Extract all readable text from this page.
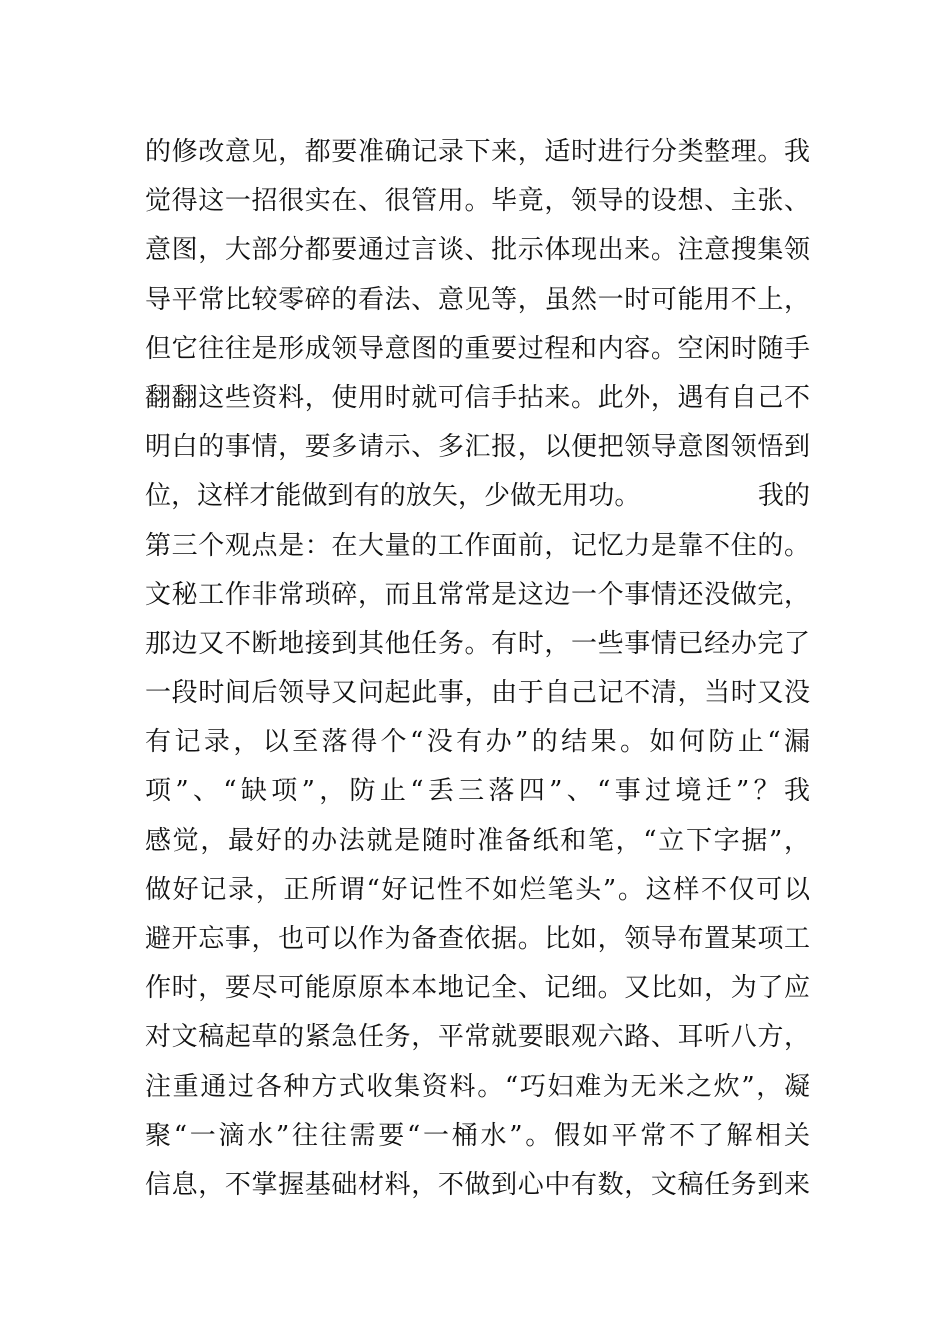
的修改意见，都要准确记录下来，适时进行分类整理。我
觉得这一招很实在、很管用。毕竟，领导的设想、主张、
意图，大部分都要通过言谈、批示体现出来。注意搜集领
导平常比较零碎的看法、意见等，虽然一时可能用不上，
但它往往是形成领导意图的重要过程和内容。空闲时随手
翻翻这些资料，使用时就可信手拈来。此外，遇有自己不
明白的事情，要多请示、多汇报，以便把领导意图领悟到
位，这样才能做到有的放矢，少做无用功。　　　　　我的
第三个观点是：在大量的工作面前，记忆力是靠不住的。
文秘工作非常琐碎，而且常常是这边一个事情还没做完，
那边又不断地接到其他任务。有时，一些事情已经办完了
一段时间后领导又问起此事，由于自己记不清，当时又没
有记录，以至落得个“没有办”的结果。如何防止“漏
项”、“缺项”，防止“丢三落四”、“事过境迁”？我
感觉，最好的办法就是随时准备纸和笔，“立下字据”，
做好记录，正所谓“好记性不如烂笔头”。这样不仅可以
避开忘事，也可以作为备查依据。比如，领导布置某项工
作时，要尽可能原原本本地记全、记细。又比如，为了应
对文稿起草的紧急任务，平常就要眼观六路、耳听八方，
注重通过各种方式收集资料。“巧妇难为无米之炊”，凝
聚“一滴水”往往需要“一桶水”。假如平常不了解相关
信息，不掌握基础材料，不做到心中有数，文稿任务到来
